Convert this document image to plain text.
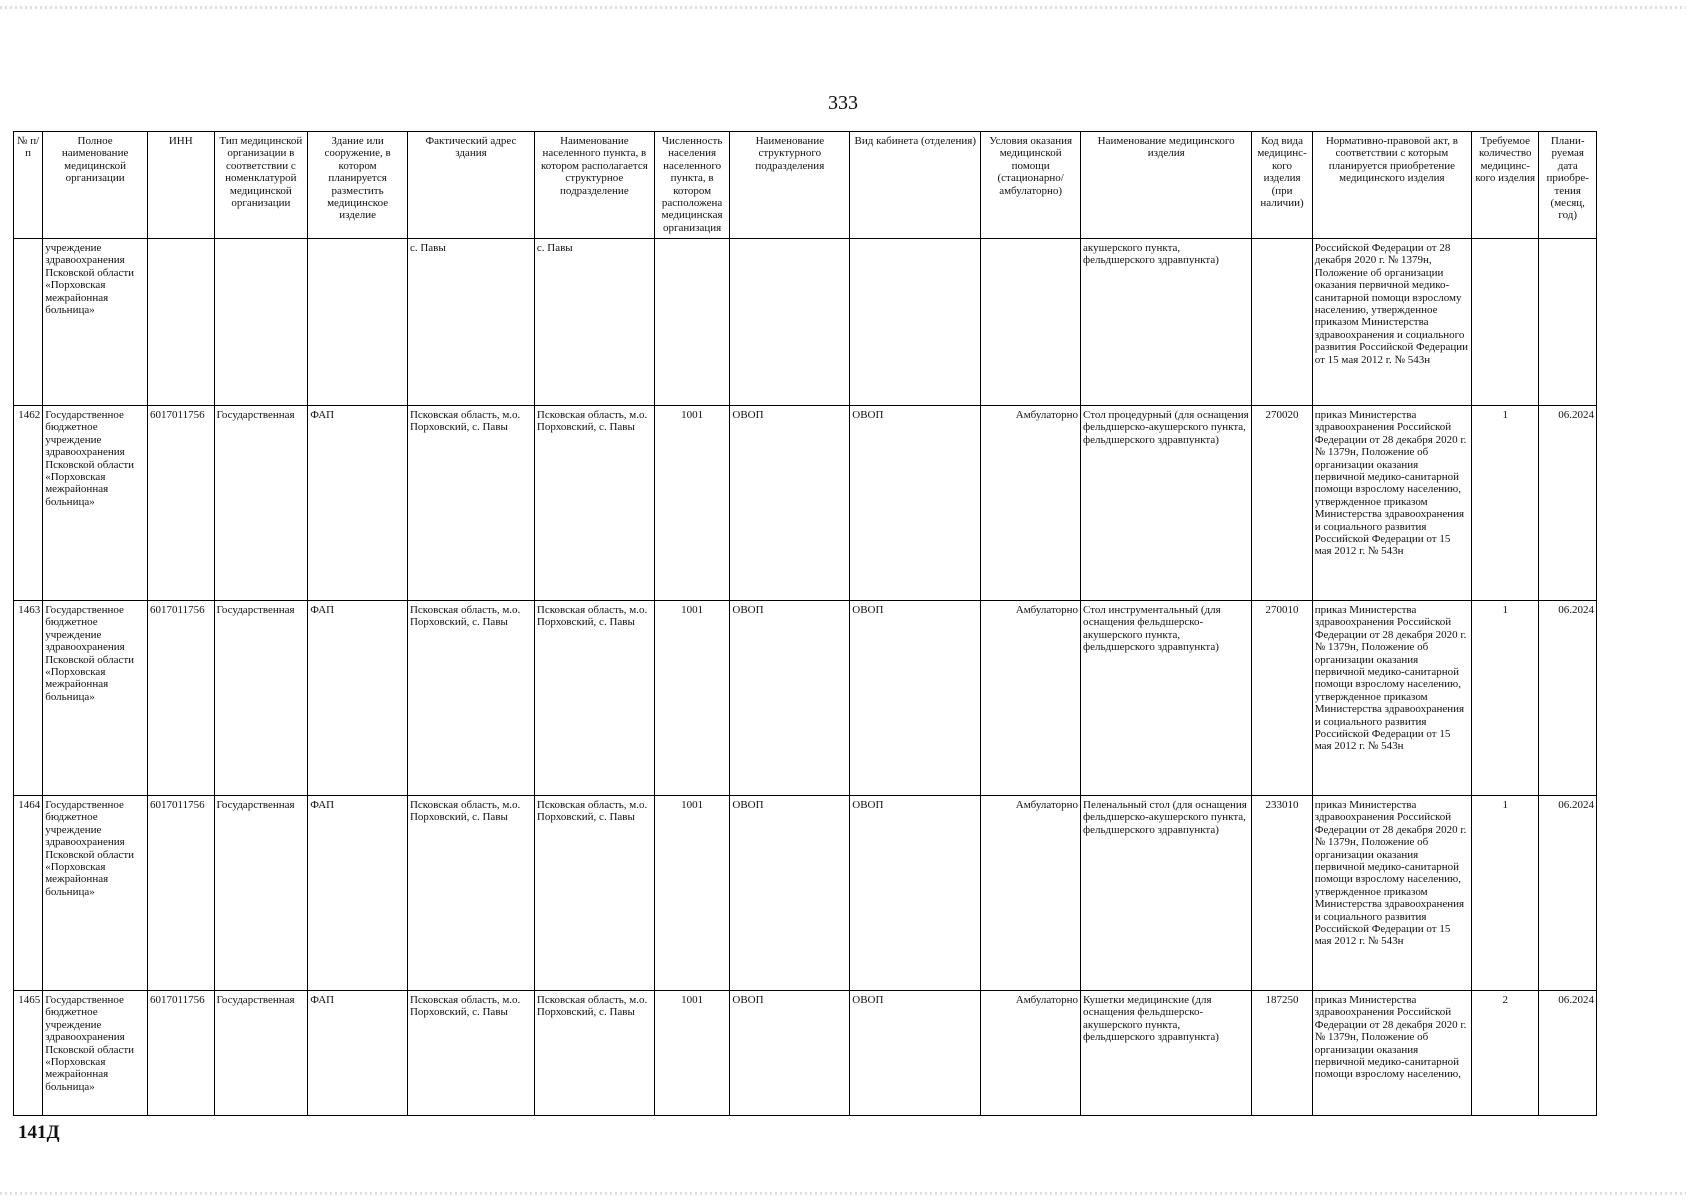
333
№ п/п	Полное наименование медицинской организации	ИНН	Тип медицинской организации в соответствии с номенклатурой медицинской организации	Здание или сооружение, в котором планируется разместить медицинское изделие	Фактический адрес здания	Наименование населенного пункта, в котором располагается структурное подразделение	Численность населения населенного пункта, в котором расположена медицинская организация	Наименование структурного подразделения	Вид кабинета (отделения)	Условия оказания медицинской помощи (стационарно/ амбулаторно)	Наименование медицинского изделия	Код вида медицинс-кого изделия (при наличии)	Нормативно-правовой акт, в соответствии с которым планируется приобретение медицинского изделия	Требуемое количество медицинс-кого изделия	Плани-руемая дата приобре-тения (месяц, год)
	учреждение здравоохранения Псковской области «Порховская межрайонная больница»				с. Павы	с. Павы					акушерского пункта, фельдшерского здравпункта)		Российской Федерации от 28 декабря 2020 г. № 1379н, Положение об организации оказания первичной медико-санитарной помощи взрослому населению, утвержденное приказом Министерства здравоохранения и социального развития Российской Федерации от 15 мая 2012 г. № 543н		
1462	Государственное бюджетное учреждение здравоохранения Псковской области «Порховская межрайонная больница»	6017011756	Государственная	ФАП	Псковская область, м.о. Порховский, с. Павы	Псковская область, м.о. Порховский, с. Павы	1001	ОВОП	ОВОП	Амбулаторно	Стол процедурный (для оснащения фельдшерско-акушерского пункта, фельдшерского здравпункта)	270020	приказ Министерства здравоохранения Российской Федерации от 28 декабря 2020 г. № 1379н, Положение об организации оказания первичной медико-санитарной помощи взрослому населению, утвержденное приказом Министерства здравоохранения и социального развития Российской Федерации от 15 мая 2012 г. № 543н	1	06.2024
1463	Государственное бюджетное учреждение здравоохранения Псковской области «Порховская межрайонная больница»	6017011756	Государственная	ФАП	Псковская область, м.о. Порховский, с. Павы	Псковская область, м.о. Порховский, с. Павы	1001	ОВОП	ОВОП	Амбулаторно	Стол инструментальный (для оснащения фельдшерско-акушерского пункта, фельдшерского здравпункта)	270010	приказ Министерства здравоохранения Российской Федерации от 28 декабря 2020 г. № 1379н, Положение об организации оказания первичной медико-санитарной помощи взрослому населению, утвержденное приказом Министерства здравоохранения и социального развития Российской Федерации от 15 мая 2012 г. № 543н	1	06.2024
1464	Государственное бюджетное учреждение здравоохранения Псковской области «Порховская межрайонная больница»	6017011756	Государственная	ФАП	Псковская область, м.о. Порховский, с. Павы	Псковская область, м.о. Порховский, с. Павы	1001	ОВОП	ОВОП	Амбулаторно	Пеленальный стол (для оснащения фельдшерско-акушерского пункта, фельдшерского здравпункта)	233010	приказ Министерства здравоохранения Российской Федерации от 28 декабря 2020 г. № 1379н, Положение об организации оказания первичной медико-санитарной помощи взрослому населению, утвержденное приказом Министерства здравоохранения и социального развития Российской Федерации от 15 мая 2012 г. № 543н	1	06.2024
1465	Государственное бюджетное учреждение здравоохранения Псковской области «Порховская межрайонная больница»	6017011756	Государственная	ФАП	Псковская область, м.о. Порховский, с. Павы	Псковская область, м.о. Порховский, с. Павы	1001	ОВОП	ОВОП	Амбулаторно	Кушетки медицинские (для оснащения фельдшерско-акушерского пункта, фельдшерского здравпункта)	187250	приказ Министерства здравоохранения Российской Федерации от 28 декабря 2020 г. № 1379н, Положение об организации оказания первичной медико-санитарной помощи взрослому населению,	2	06.2024
141Д
